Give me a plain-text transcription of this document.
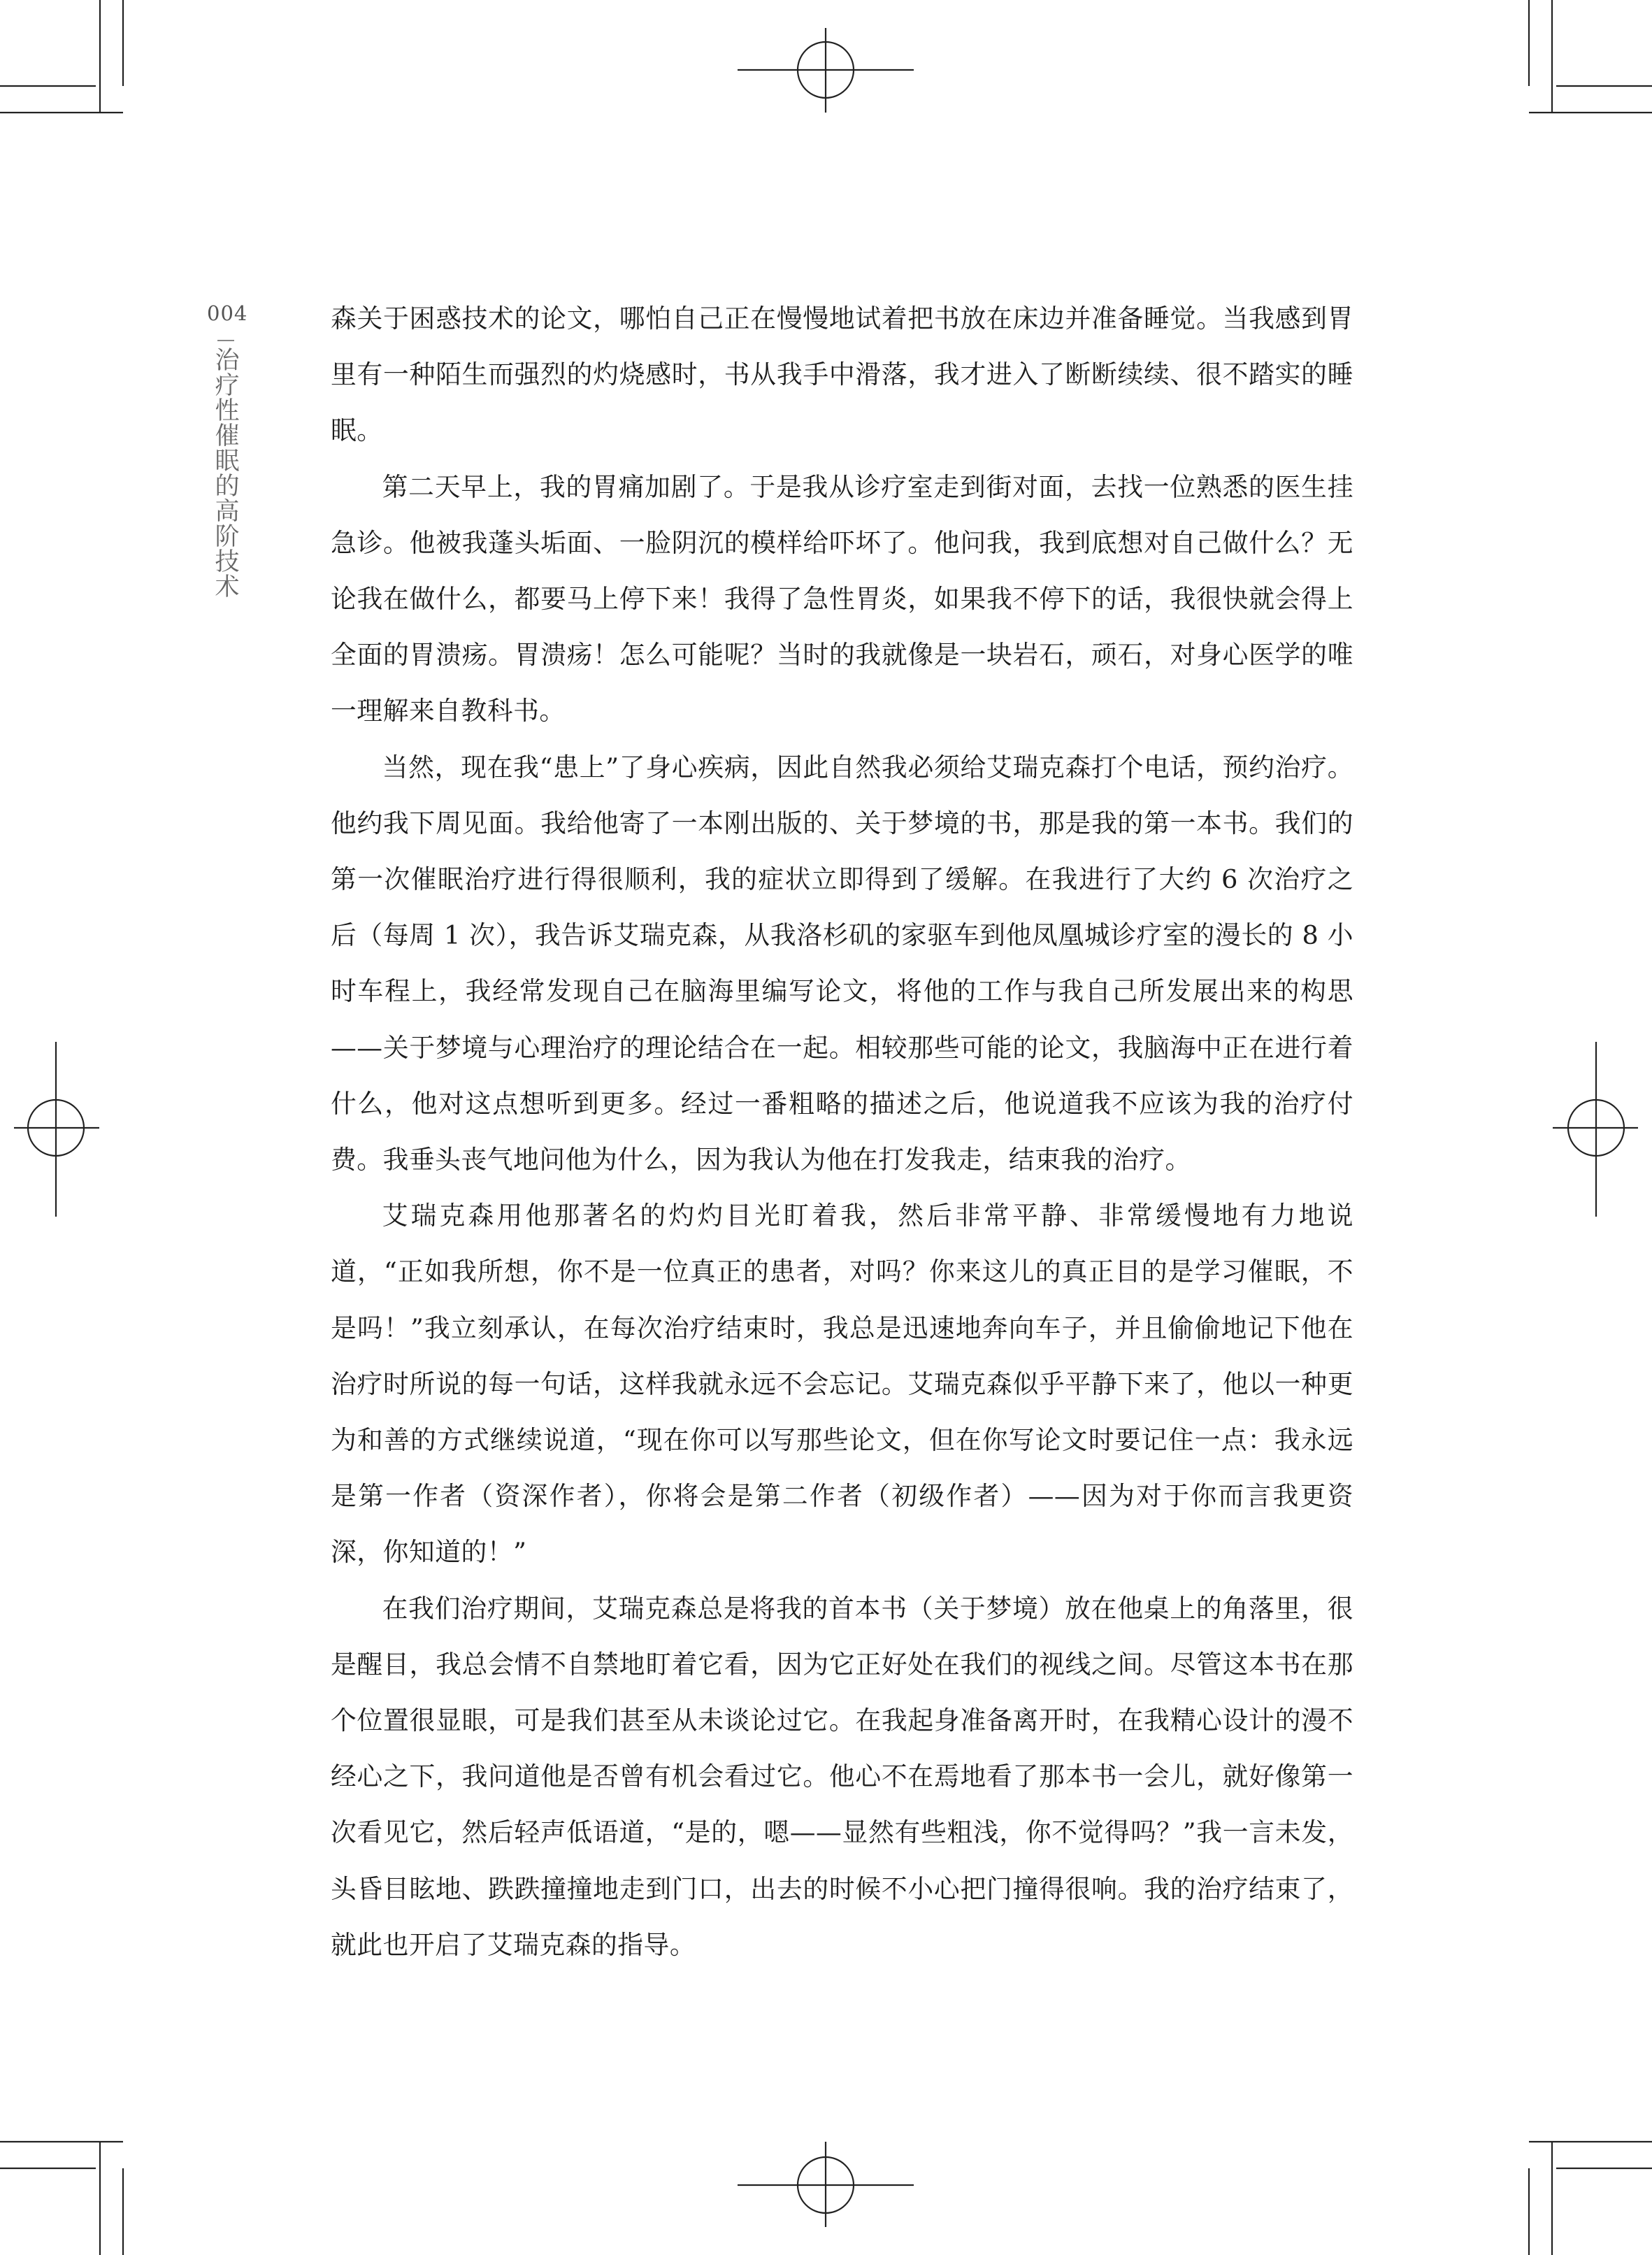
004
治疗性催眠的高阶技术

森关于困惑技术的论文，哪怕自己正在慢慢地试着把书放在床边并准备睡觉。当我感到胃里有一种陌生而强烈的灼烧感时，书从我手中滑落，我才进入了断断续续、很不踏实的睡眠。

第二天早上，我的胃痛加剧了。于是我从诊疗室走到街对面，去找一位熟悉的医生挂急诊。他被我蓬头垢面、一脸阴沉的模样给吓坏了。他问我，我到底想对自己做什么？无论我在做什么，都要马上停下来！我得了急性胃炎，如果我不停下的话，我很快就会得上全面的胃溃疡。胃溃疡！怎么可能呢？当时的我就像是一块岩石，顽石，对身心医学的唯一理解来自教科书。

当然，现在我“患上”了身心疾病，因此自然我必须给艾瑞克森打个电话，预约治疗。他约我下周见面。我给他寄了一本刚出版的、关于梦境的书，那是我的第一本书。我们的第一次催眠治疗进行得很顺利，我的症状立即得到了缓解。在我进行了大约 6 次治疗之后（每周 1 次），我告诉艾瑞克森，从我洛杉矶的家驱车到他凤凰城诊疗室的漫长的 8 小时车程上，我经常发现自己在脑海里编写论文，将他的工作与我自己所发展出来的构思——关于梦境与心理治疗的理论结合在一起。相较那些可能的论文，我脑海中正在进行着什么，他对这点想听到更多。经过一番粗略的描述之后，他说道我不应该为我的治疗付费。我垂头丧气地问他为什么，因为我认为他在打发我走，结束我的治疗。

艾瑞克森用他那著名的灼灼目光盯着我，然后非常平静、非常缓慢地有力地说道，“正如我所想，你不是一位真正的患者，对吗？你来这儿的真正目的是学习催眠，不是吗！”我立刻承认，在每次治疗结束时，我总是迅速地奔向车子，并且偷偷地记下他在治疗时所说的每一句话，这样我就永远不会忘记。艾瑞克森似乎平静下来了，他以一种更为和善的方式继续说道，“现在你可以写那些论文，但在你写论文时要记住一点：我永远是第一作者（资深作者），你将会是第二作者（初级作者）——因为对于你而言我更资深，你知道的！”

在我们治疗期间，艾瑞克森总是将我的首本书（关于梦境）放在他桌上的角落里，很是醒目，我总会情不自禁地盯着它看，因为它正好处在我们的视线之间。尽管这本书在那个位置很显眼，可是我们甚至从未谈论过它。在我起身准备离开时，在我精心设计的漫不经心之下，我问道他是否曾有机会看过它。他心不在焉地看了那本书一会儿，就好像第一次看见它，然后轻声低语道，“是的，嗯——显然有些粗浅，你不觉得吗？”我一言未发，头昏目眩地、跌跌撞撞地走到门口，出去的时候不小心把门撞得很响。我的治疗结束了，就此也开启了艾瑞克森的指导。
